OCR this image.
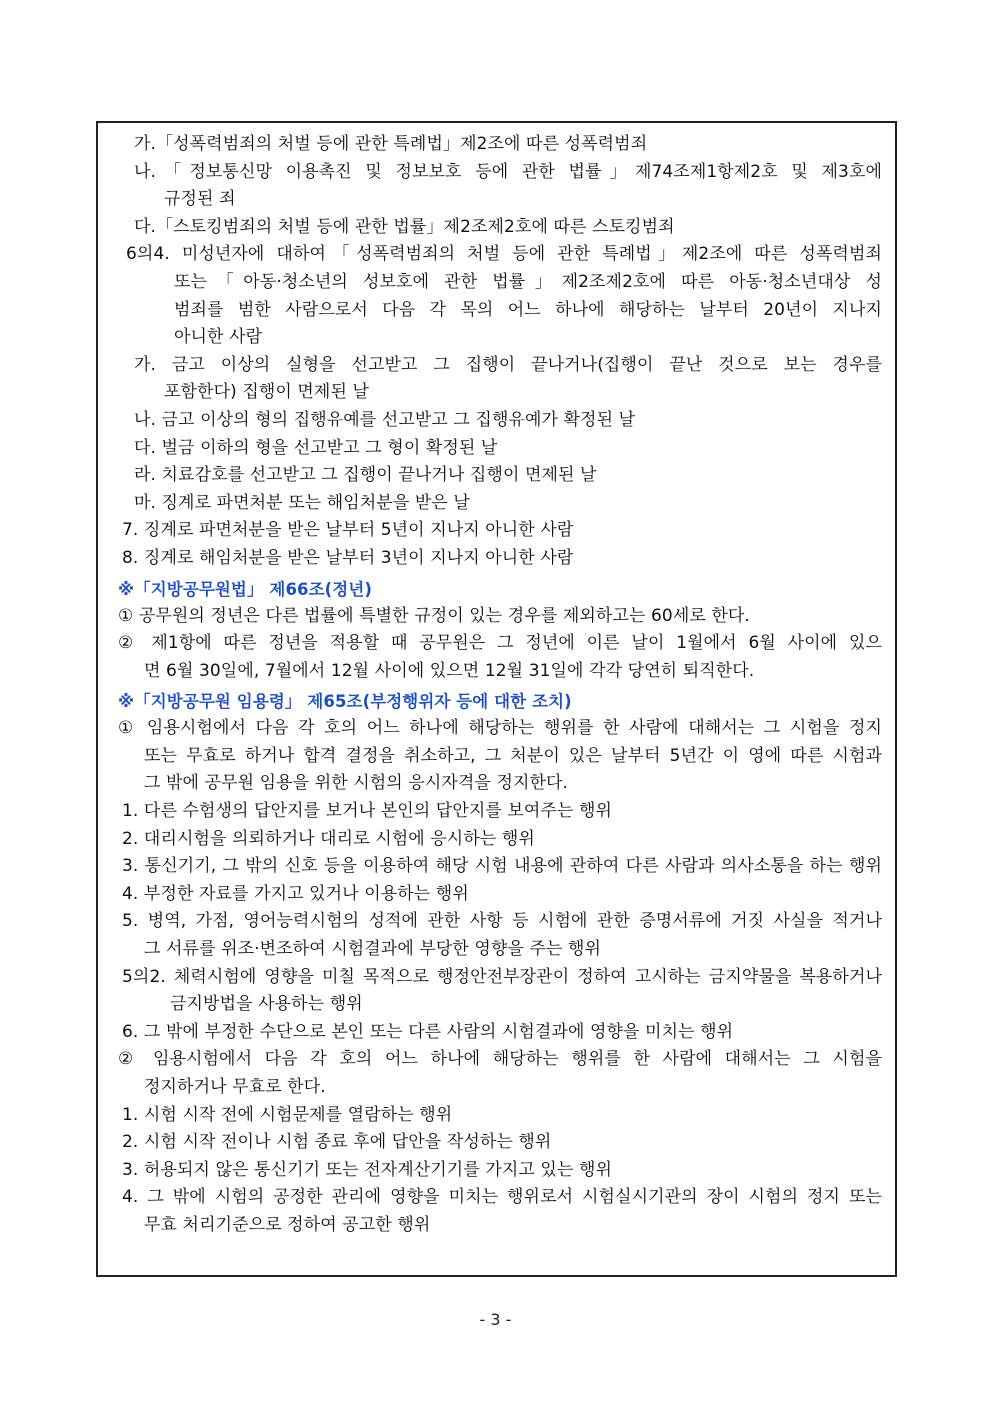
가.「성폭력범죄의 처벌 등에 관한 특례법」제2조에 따른 성폭력범죄
나.「정보통신망 이용촉진 및 정보보호 등에 관한 법률」제74조제1항제2호 및 제3호에
규정된 죄
다.「스토킹범죄의 처벌 등에 관한 법률」제2조제2호에 따른 스토킹범죄
6의4. 미성년자에 대하여「성폭력범죄의 처벌 등에 관한 특례법」제2조에 따른 성폭력범죄
또는「아동·청소년의 성보호에 관한 법률」제2조제2호에 따른 아동·청소년대상 성
범죄를 범한 사람으로서 다음 각 목의 어느 하나에 해당하는 날부터 20년이 지나지
아니한 사람
가. 금고 이상의 실형을 선고받고 그 집행이 끝나거나(집행이 끝난 것으로 보는 경우를
포함한다) 집행이 면제된 날
나. 금고 이상의 형의 집행유예를 선고받고 그 집행유예가 확정된 날
다. 벌금 이하의 형을 선고받고 그 형이 확정된 날
라. 치료감호를 선고받고 그 집행이 끝나거나 집행이 면제된 날
마. 징계로 파면처분 또는 해임처분을 받은 날
7. 징계로 파면처분을 받은 날부터 5년이 지나지 아니한 사람
8. 징계로 해임처분을 받은 날부터 3년이 지나지 아니한 사람
※「지방공무원법」 제66조(정년)
① 공무원의 정년은 다른 법률에 특별한 규정이 있는 경우를 제외하고는 60세로 한다.
② 제1항에 따른 정년을 적용할 때 공무원은 그 정년에 이른 날이 1월에서 6월 사이에 있으
면 6월 30일에, 7월에서 12월 사이에 있으면 12월 31일에 각각 당연히 퇴직한다.
※「지방공무원 임용령」 제65조(부정행위자 등에 대한 조치)
① 임용시험에서 다음 각 호의 어느 하나에 해당하는 행위를 한 사람에 대해서는 그 시험을 정지
또는 무효로 하거나 합격 결정을 취소하고, 그 처분이 있은 날부터 5년간 이 영에 따른 시험과
그 밖에 공무원 임용을 위한 시험의 응시자격을 정지한다.
1. 다른 수험생의 답안지를 보거나 본인의 답안지를 보여주는 행위
2. 대리시험을 의뢰하거나 대리로 시험에 응시하는 행위
3. 통신기기, 그 밖의 신호 등을 이용하여 해당 시험 내용에 관하여 다른 사람과 의사소통을 하는 행위
4. 부정한 자료를 가지고 있거나 이용하는 행위
5. 병역, 가점, 영어능력시험의 성적에 관한 사항 등 시험에 관한 증명서류에 거짓 사실을 적거나
그 서류를 위조·변조하여 시험결과에 부당한 영향을 주는 행위
5의2. 체력시험에 영향을 미칠 목적으로 행정안전부장관이 정하여 고시하는 금지약물을 복용하거나
금지방법을 사용하는 행위
6. 그 밖에 부정한 수단으로 본인 또는 다른 사람의 시험결과에 영향을 미치는 행위
② 임용시험에서 다음 각 호의 어느 하나에 해당하는 행위를 한 사람에 대해서는 그 시험을
정지하거나 무효로 한다.
1. 시험 시작 전에 시험문제를 열람하는 행위
2. 시험 시작 전이나 시험 종료 후에 답안을 작성하는 행위
3. 허용되지 않은 통신기기 또는 전자계산기기를 가지고 있는 행위
4. 그 밖에 시험의 공정한 관리에 영향을 미치는 행위로서 시험실시기관의 장이 시험의 정지 또는
무효 처리기준으로 정하여 공고한 행위
- 3 -
